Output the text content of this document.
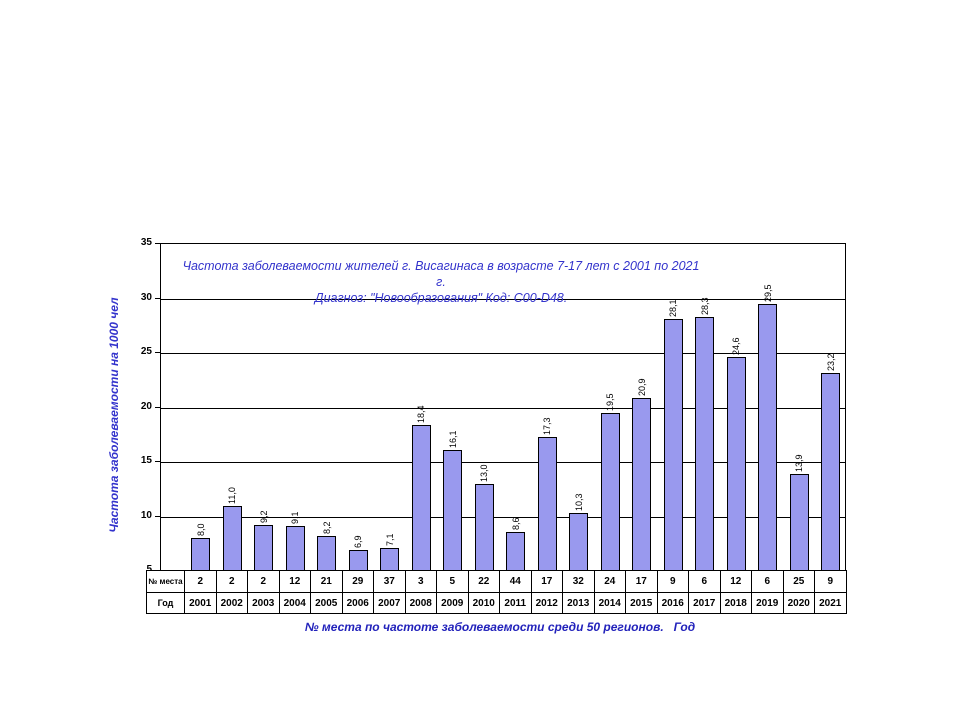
8,0
11,0
9,2 9,1
8,2
6,9 7,1
18,4
16,1
13,0
8,6
17,3
10,3
19,5
20,9
28,1 28,3
24,6
29,5
13,9
23,2
Частота заболеваемости жителей г. Висагинаса в возрасте 7-17 лет с 2001 по 2021 г.
Диагноз: "Новообразования" Код: C00-D48.
Частота заболеваемости на 1000 чел
№ места по частоте заболеваемости среди 50 регионов.   Год
10
15
20
25
30
35
№ места	2	2	2	12	21	29	37	3	5	22	44	17	32	24	17	9	6	12	6	25	9
Год	2001 2002 2003 2004 2005 2006 2007 2008 2009 2010 2011 2012 2013 2014 2015 2016 2017 2018 2019 2020 2021
